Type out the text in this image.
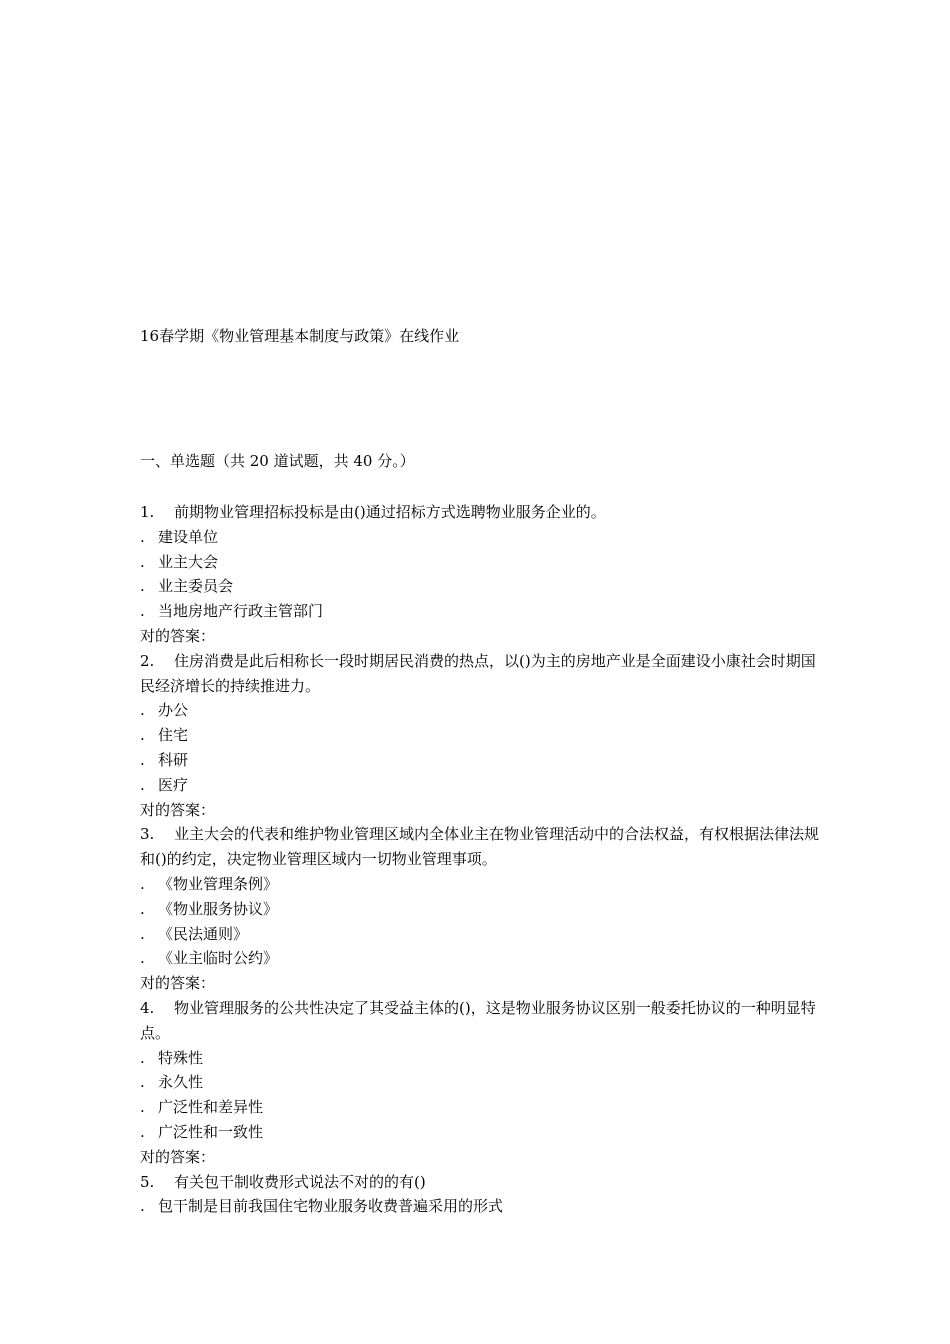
16春学期《物业管理基本制度与政策》在线作业
一、单选题（共 20 道试题，共 40 分。）
1.	前期物业管理招标投标是由()通过招标方式选聘物业服务企业的。
. 建设单位
. 业主大会
. 业主委员会
. 当地房地产行政主管部门
对的答案：
2.	住房消费是此后相称长一段时期居民消费的热点，以()为主的房地产业是全面建设小康社会时期国民经济增长的持续推进力。
. 办公
. 住宅
. 科研
. 医疗
对的答案：
3.	业主大会的代表和维护物业管理区域内全体业主在物业管理活动中的合法权益，有权根据法律法规和()的约定，决定物业管理区域内一切物业管理事项。
. 《物业管理条例》
. 《物业服务协议》
. 《民法通则》
. 《业主临时公约》
对的答案：
4.	物业管理服务的公共性决定了其受益主体的()，这是物业服务协议区别一般委托协议的一种明显特点。
. 特殊性
. 永久性
. 广泛性和差异性
. 广泛性和一致性
对的答案：
5.	有关包干制收费形式说法不对的的有()
. 包干制是目前我国住宅物业服务收费普遍采用的形式
